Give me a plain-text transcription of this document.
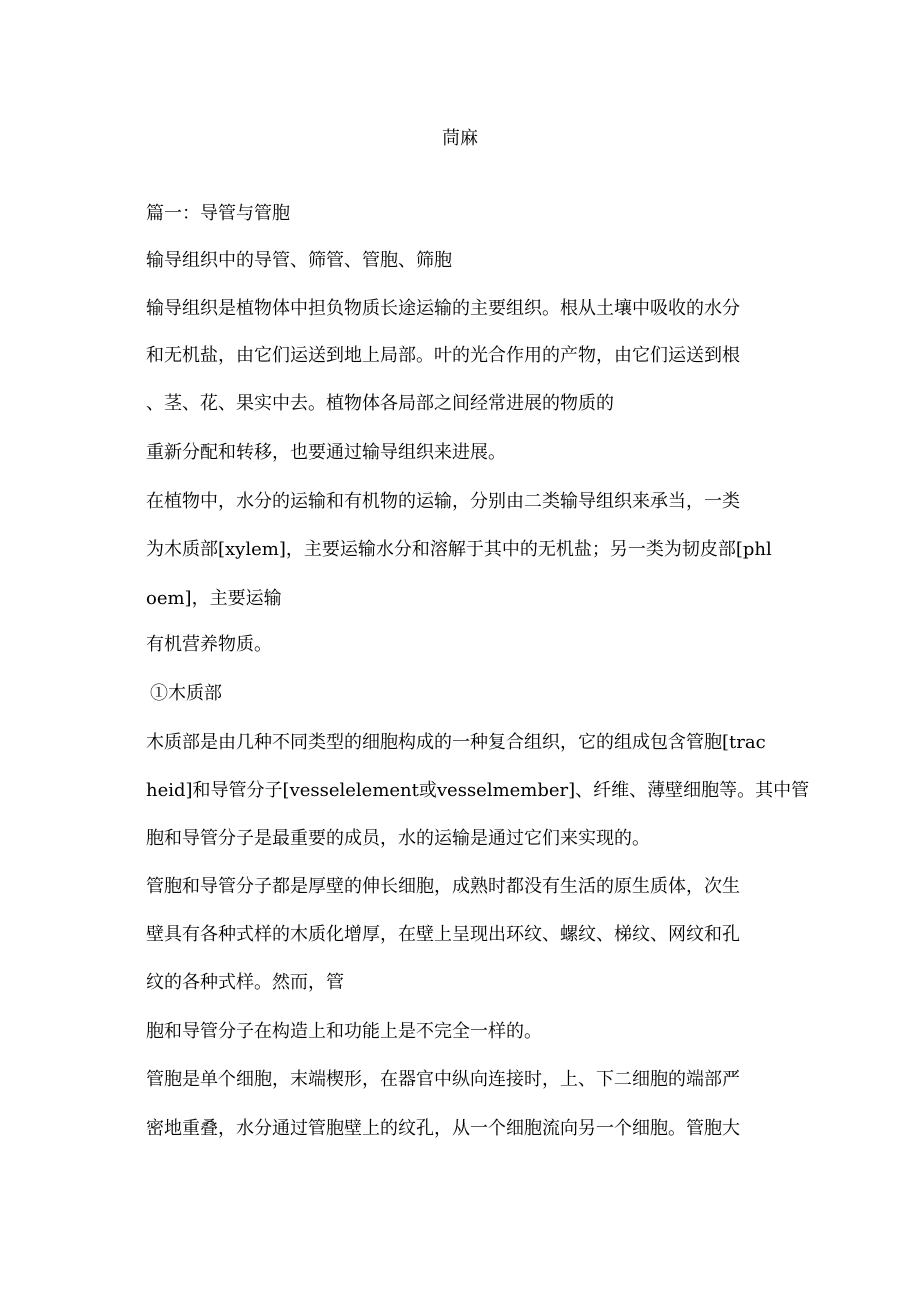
茼麻
篇一：导管与管胞
输导组织中的导管、筛管、管胞、筛胞
输导组织是植物体中担负物质长途运输的主要组织。根从土壤中吸收的水分
和无机盐，由它们运送到地上局部。叶的光合作用的产物，由它们运送到根
、茎、花、果实中去。植物体各局部之间经常进展的物质的
重新分配和转移，也要通过输导组织来进展。
在植物中，水分的运输和有机物的运输，分别由二类输导组织来承当，一类
为木质部[xylem]，主要运输水分和溶解于其中的无机盐；另一类为韧皮部[phl
oem]，主要运输
有机营养物质。
①木质部
木质部是由几种不同类型的细胞构成的一种复合组织，它的组成包含管胞[trac
heid]和导管分子[vesselelement或vesselmember]、纤维、薄壁细胞等。其中管
胞和导管分子是最重要的成员，水的运输是通过它们来实现的。
管胞和导管分子都是厚壁的伸长细胞，成熟时都没有生活的原生质体，次生
壁具有各种式样的木质化增厚，在壁上呈现出环纹、螺纹、梯纹、网纹和孔
纹的各种式样。然而，管
胞和导管分子在构造上和功能上是不完全一样的。
管胞是单个细胞，末端楔形，在器官中纵向连接时，上、下二细胞的端部严
密地重叠，水分通过管胞壁上的纹孔，从一个细胞流向另一个细胞。管胞大
